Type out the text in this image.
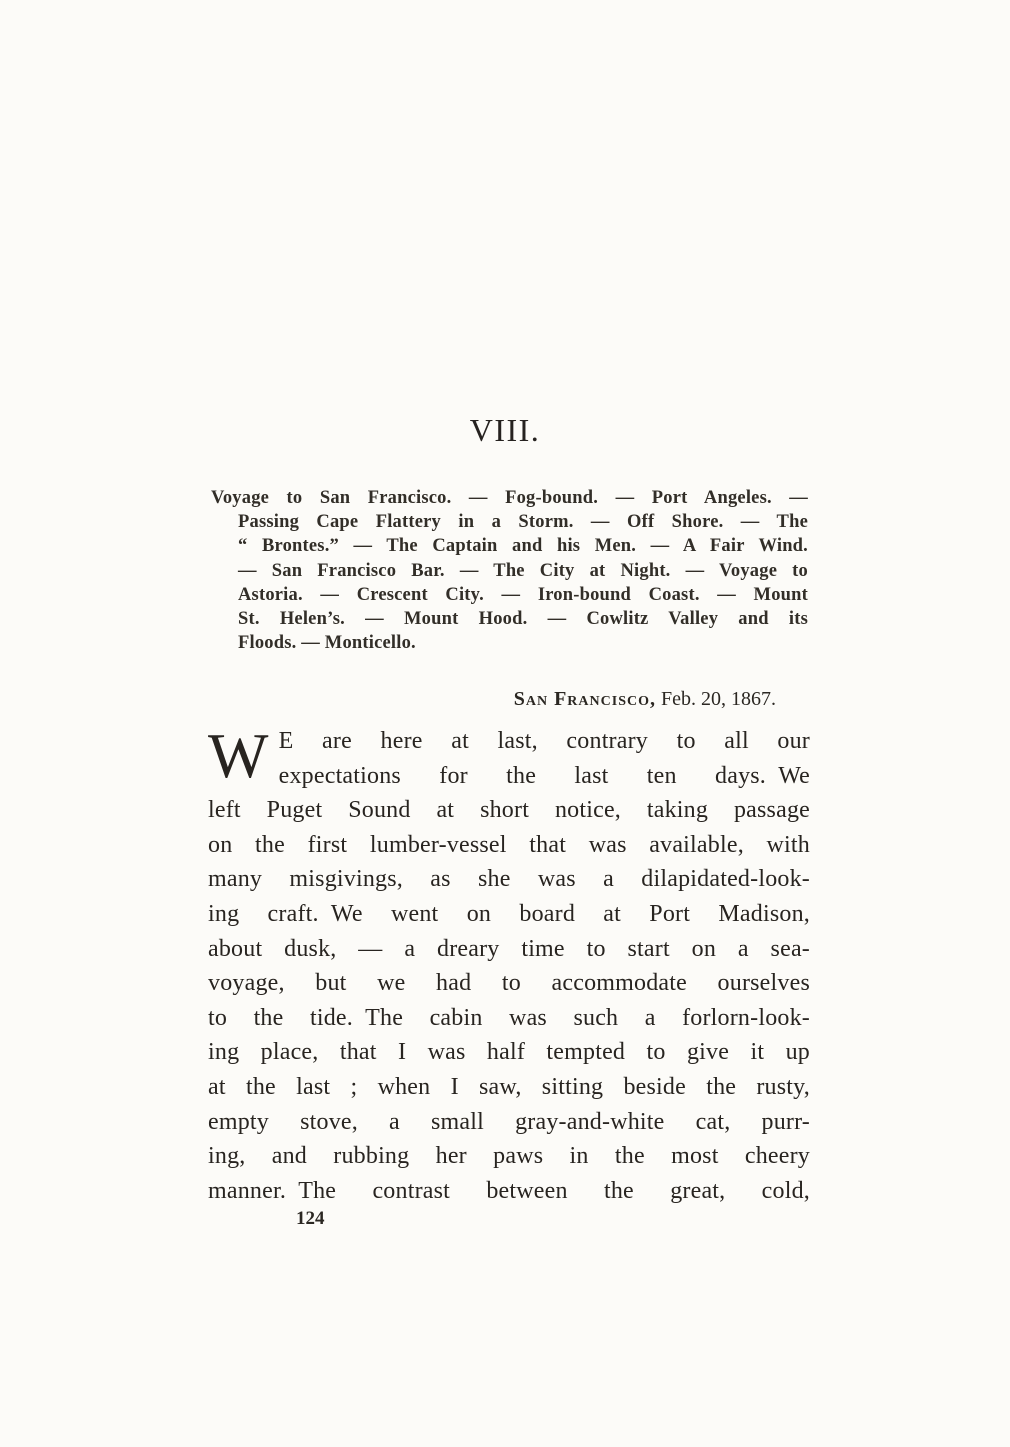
VIII.
Voyage to San Francisco. — Fog-bound. — Port Angeles. —
Passing Cape Flattery in a Storm. — Off Shore. — The
“ Brontes.” — The Captain and his Men. — A Fair Wind.
— San Francisco Bar. — The City at Night. — Voyage to
Astoria. — Crescent City. — Iron-bound Coast. — Mount
St. Helen’s. — Mount Hood. — Cowlitz Valley and its
Floods. — Monticello.
San Francisco, Feb. 20, 1867.
W E are here at last, contrary to all our
expectations for the last ten days. We
left Puget Sound at short notice, taking passage
on the first lumber-vessel that was available, with
many misgivings, as she was a dilapidated-look-
ing craft. We went on board at Port Madison,
about dusk, — a dreary time to start on a sea-
voyage, but we had to accommodate ourselves
to the tide. The cabin was such a forlorn-look-
ing place, that I was half tempted to give it up
at the last ; when I saw, sitting beside the rusty,
empty stove, a small gray-and-white cat, purr-
ing, and rubbing her paws in the most cheery
manner. The contrast between the great, cold,
124
